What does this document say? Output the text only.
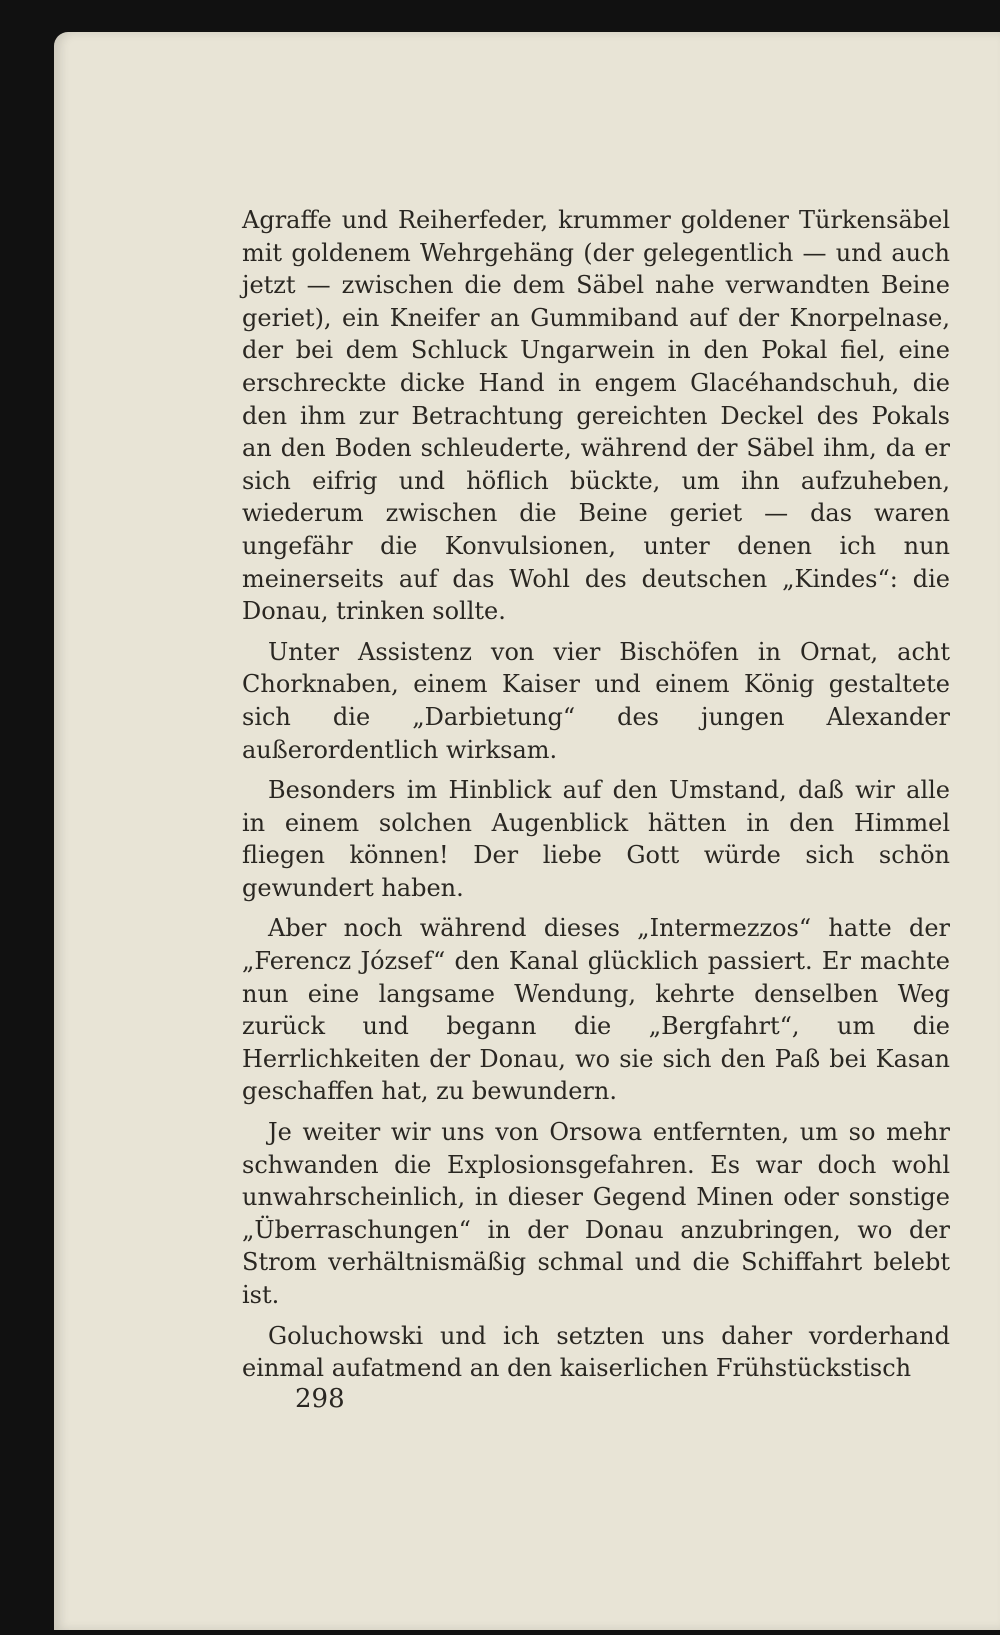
Agraffe und Reiherfeder, krummer goldener Türkensäbel mit goldenem Wehrgehäng (der gelegentlich — und auch jetzt — zwischen die dem Säbel nahe verwandten Beine geriet), ein Kneifer an Gummiband auf der Knorpelnase, der bei dem Schluck Ungarwein in den Pokal fiel, eine erschreckte dicke Hand in engem Glacéhandschuh, die den ihm zur Betrachtung gereichten Deckel des Pokals an den Boden schleuderte, während der Säbel ihm, da er sich eifrig und höflich bückte, um ihn aufzuheben, wiederum zwischen die Beine geriet — das waren ungefähr die Konvulsionen, unter denen ich nun meinerseits auf das Wohl des deutschen „Kindes“: die Donau, trinken sollte.

Unter Assistenz von vier Bischöfen in Ornat, acht Chorknaben, einem Kaiser und einem König gestaltete sich die „Darbietung“ des jungen Alexander außerordentlich wirksam.

Besonders im Hinblick auf den Umstand, daß wir alle in einem solchen Augenblick hätten in den Himmel fliegen können! Der liebe Gott würde sich schön gewundert haben.

Aber noch während dieses „Intermezzos“ hatte der „Ferencz József“ den Kanal glücklich passiert. Er machte nun eine langsame Wendung, kehrte denselben Weg zurück und begann die „Bergfahrt“, um die Herrlichkeiten der Donau, wo sie sich den Paß bei Kasan geschaffen hat, zu bewundern.

Je weiter wir uns von Orsowa entfernten, um so mehr schwanden die Explosionsgefahren. Es war doch wohl unwahrscheinlich, in dieser Gegend Minen oder sonstige „Überraschungen“ in der Donau anzubringen, wo der Strom verhältnismäßig schmal und die Schiffahrt belebt ist.

Goluchowski und ich setzten uns daher vorderhand einmal aufatmend an den kaiserlichen Frühstückstisch

298
